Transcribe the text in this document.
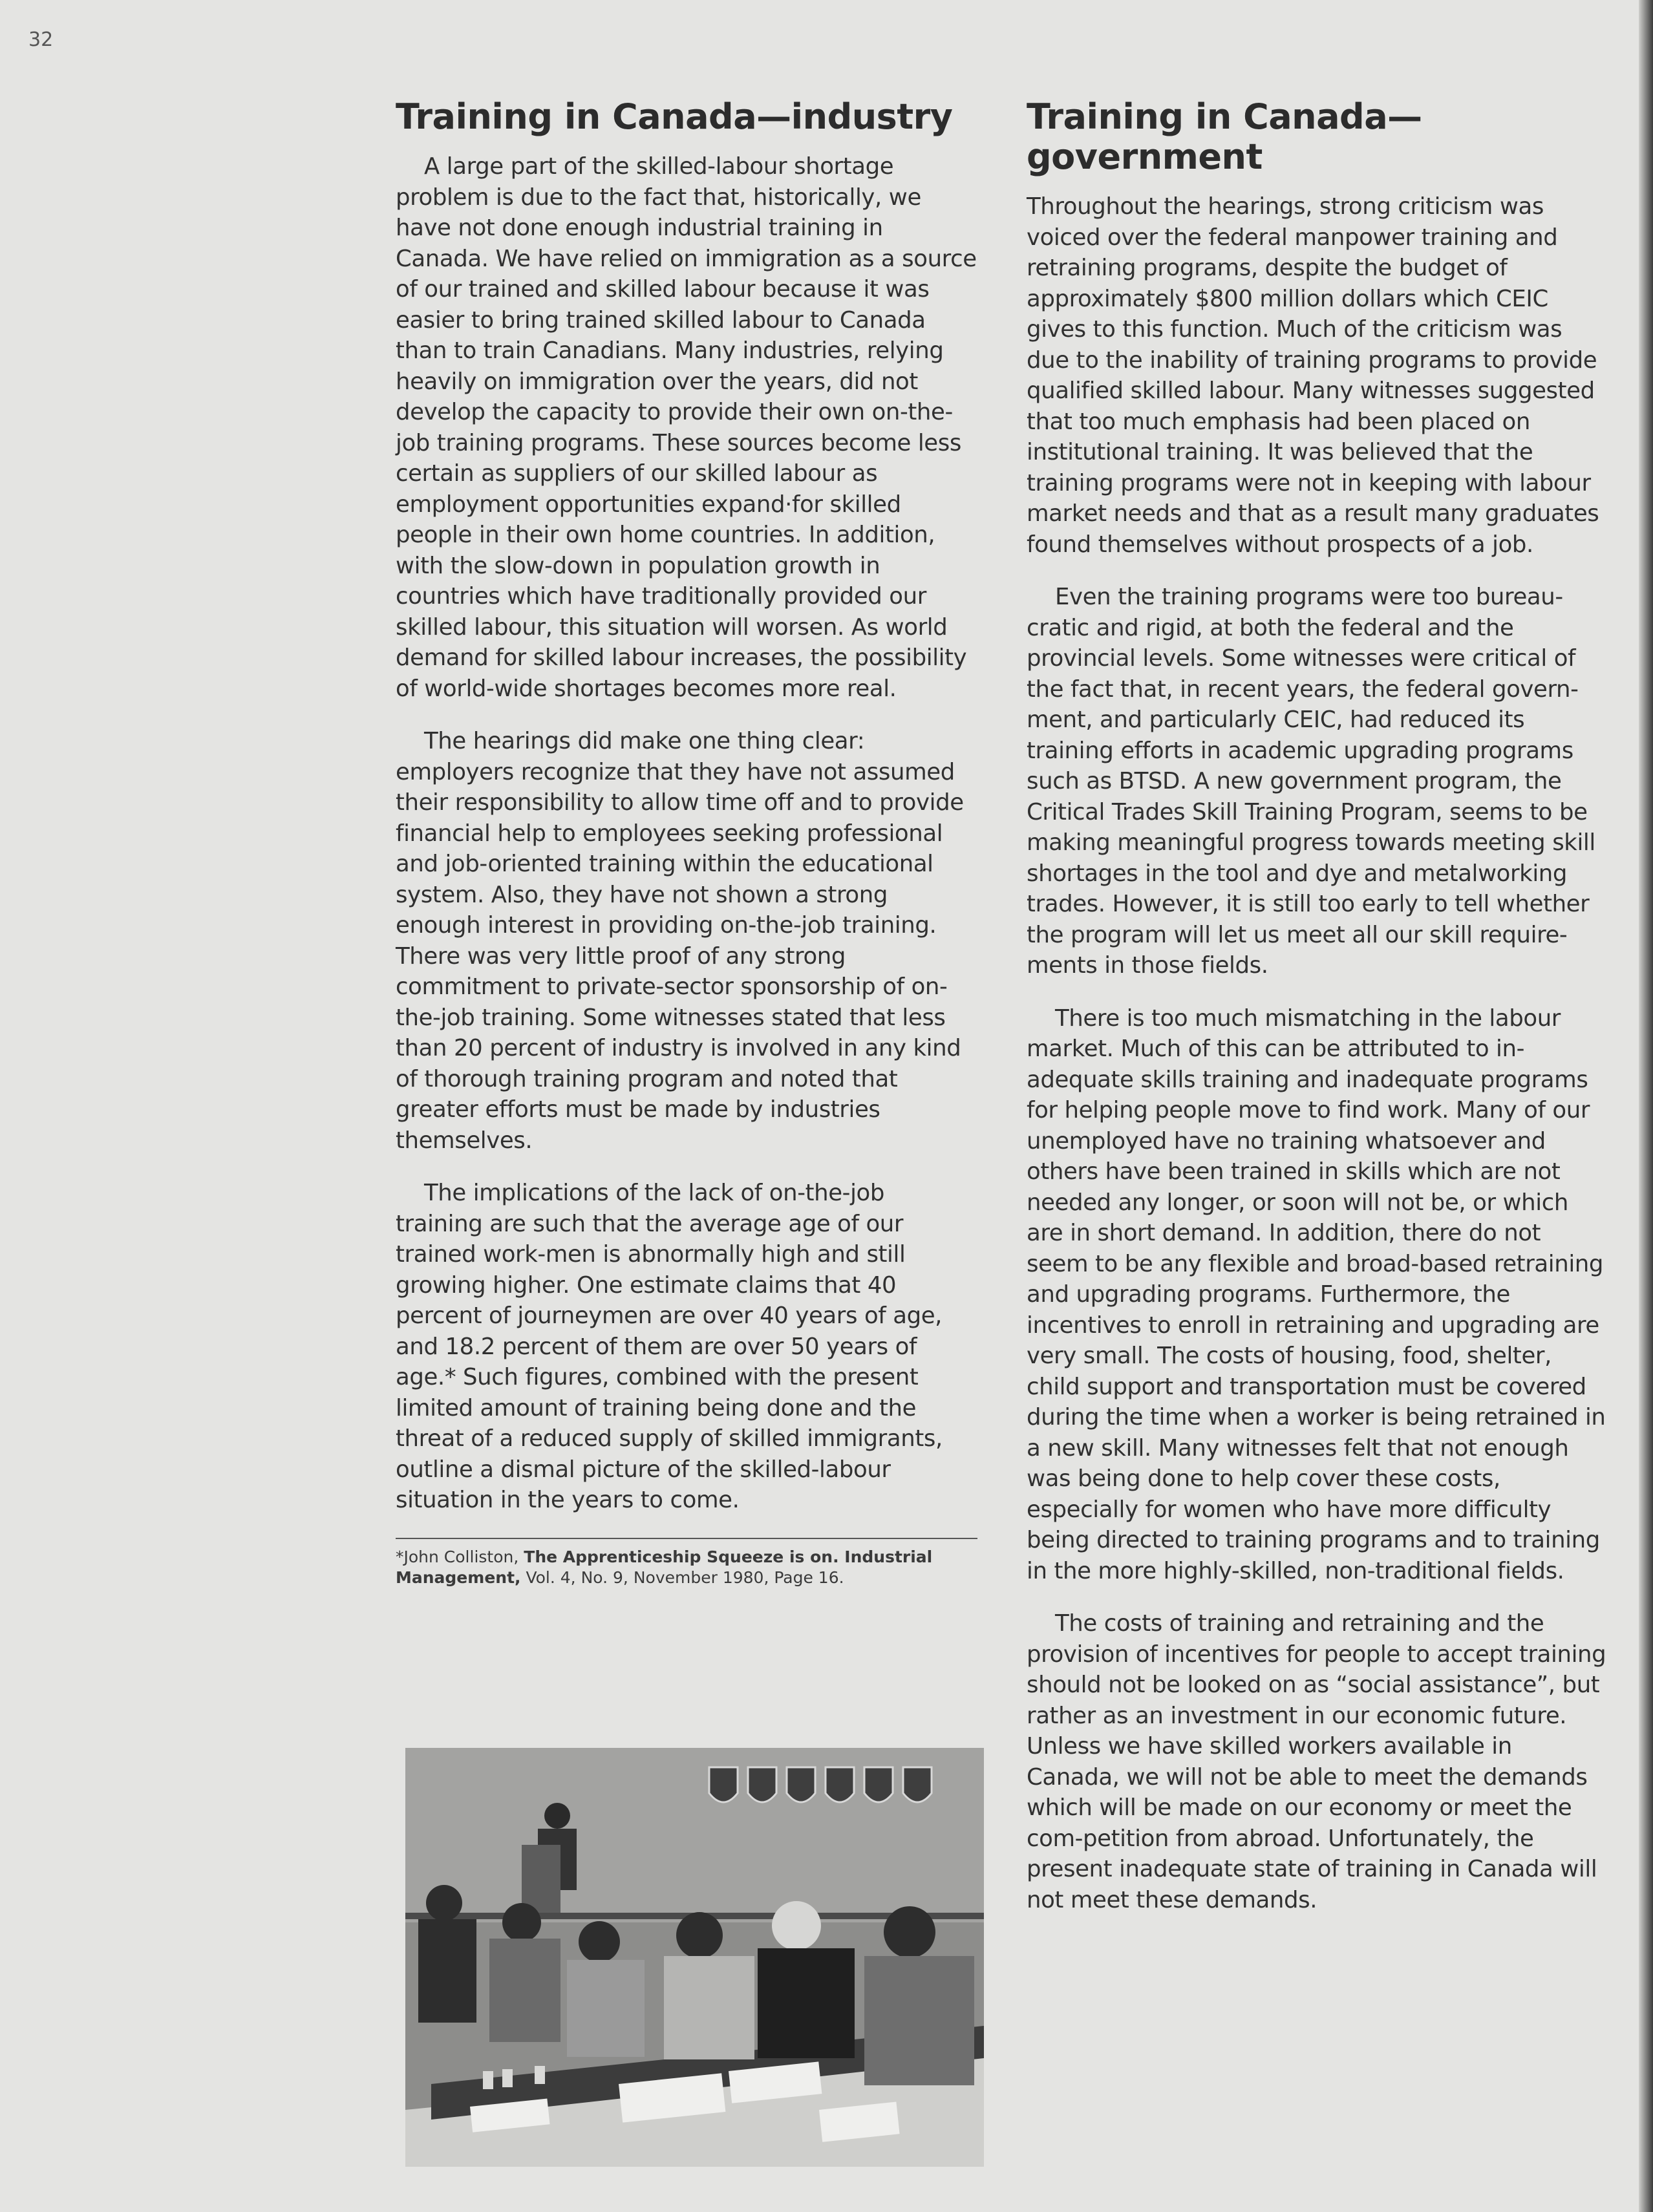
32
Training in Canada—industry

A large part of the skilled-labour shortage problem is due to the fact that, historically, we have not done enough industrial training in Canada. We have relied on immigration as a source of our trained and skilled labour because it was easier to bring trained skilled labour to Canada than to train Canadians. Many industries, relying heavily on immigration over the years, did not develop the capacity to provide their own on-the-job training programs. These sources become less certain as suppliers of our skilled labour as employment opportunities expand·for skilled people in their own home countries. In addition, with the slow-down in population growth in countries which have traditionally provided our skilled labour, this situation will worsen. As world demand for skilled labour increases, the possibility of world-wide shortages becomes more real.

The hearings did make one thing clear: employers recognize that they have not assumed their responsibility to allow time off and to provide financial help to employees seeking professional and job-oriented training within the educational system. Also, they have not shown a strong enough interest in providing on-the-job training. There was very little proof of any strong commitment to private-sector sponsorship of on-the-job training. Some witnesses stated that less than 20 percent of industry is involved in any kind of thorough training program and noted that greater efforts must be made by industries themselves.

The implications of the lack of on-the-job training are such that the average age of our trained work-men is abnormally high and still growing higher. One estimate claims that 40 percent of journeymen are over 40 years of age, and 18.2 percent of them are over 50 years of age.* Such figures, combined with the present limited amount of training being done and the threat of a reduced supply of skilled immigrants, outline a dismal picture of the skilled-labour situation in the years to come.

*John Colliston, The Apprenticeship Squeeze is on. Industrial Management, Vol. 4, No. 9, November 1980, Page 16.
Training in Canada—government

Throughout the hearings, strong criticism was voiced over the federal manpower training and retraining programs, despite the budget of approximately $800 million dollars which CEIC gives to this function. Much of the criticism was due to the inability of training programs to provide qualified skilled labour. Many witnesses suggested that too much emphasis had been placed on institutional training. It was believed that the training programs were not in keeping with labour market needs and that as a result many graduates found themselves without prospects of a job.

Even the training programs were too bureau-cratic and rigid, at both the federal and the provincial levels. Some witnesses were critical of the fact that, in recent years, the federal govern-ment, and particularly CEIC, had reduced its training efforts in academic upgrading programs such as BTSD. A new government program, the Critical Trades Skill Training Program, seems to be making meaningful progress towards meeting skill shortages in the tool and dye and metalworking trades. However, it is still too early to tell whether the program will let us meet all our skill require-ments in those fields.

There is too much mismatching in the labour market. Much of this can be attributed to in-adequate skills training and inadequate programs for helping people move to find work. Many of our unemployed have no training whatsoever and others have been trained in skills which are not needed any longer, or soon will not be, or which are in short demand. In addition, there do not seem to be any flexible and broad-based retraining and upgrading programs. Furthermore, the incentives to enroll in retraining and upgrading are very small. The costs of housing, food, shelter, child support and transportation must be covered during the time when a worker is being retrained in a new skill. Many witnesses felt that not enough was being done to help cover these costs, especially for women who have more difficulty being directed to training programs and to training in the more highly-skilled, non-traditional fields.

The costs of training and retraining and the provision of incentives for people to accept training should not be looked on as “social assistance”, but rather as an investment in our economic future. Unless we have skilled workers available in Canada, we will not be able to meet the demands which will be made on our economy or meet the com-petition from abroad. Unfortunately, the present inadequate state of training in Canada will not meet these demands.
